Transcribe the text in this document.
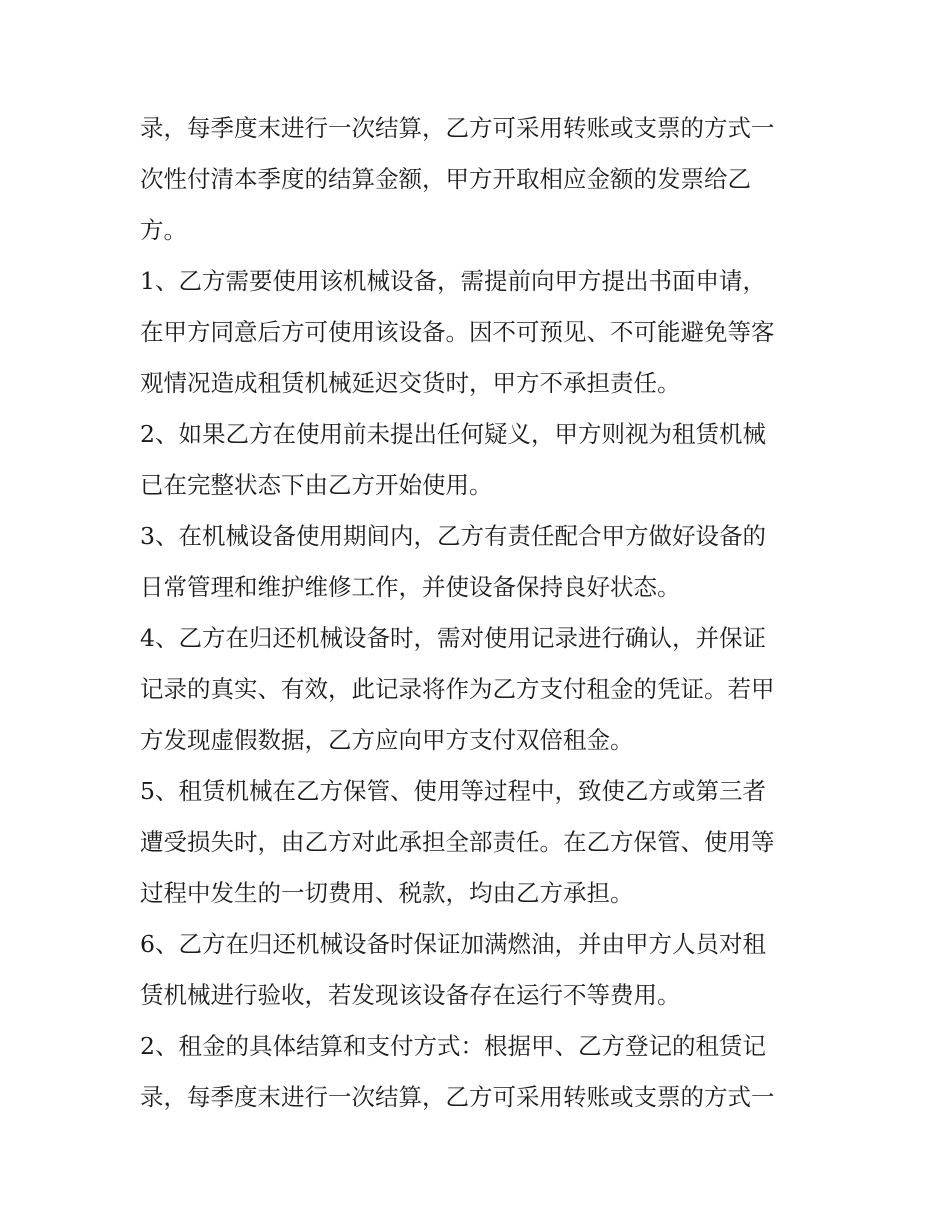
录，每季度末进行一次结算，乙方可采用转账或支票的方式一
次性付清本季度的结算金额，甲方开取相应金额的发票给乙
方。
1、乙方需要使用该机械设备，需提前向甲方提出书面申请，
在甲方同意后方可使用该设备。因不可预见、不可能避免等客
观情况造成租赁机械延迟交货时，甲方不承担责任。
2、如果乙方在使用前未提出任何疑义，甲方则视为租赁机械
已在完整状态下由乙方开始使用。
3、在机械设备使用期间内，乙方有责任配合甲方做好设备的
日常管理和维护维修工作，并使设备保持良好状态。
4、乙方在归还机械设备时，需对使用记录进行确认，并保证
记录的真实、有效，此记录将作为乙方支付租金的凭证。若甲
方发现虚假数据，乙方应向甲方支付双倍租金。
5、租赁机械在乙方保管、使用等过程中，致使乙方或第三者
遭受损失时，由乙方对此承担全部责任。在乙方保管、使用等
过程中发生的一切费用、税款，均由乙方承担。
6、乙方在归还机械设备时保证加满燃油，并由甲方人员对租
赁机械进行验收，若发现该设备存在运行不等费用。
2、租金的具体结算和支付方式：根据甲、乙方登记的租赁记
录，每季度末进行一次结算，乙方可采用转账或支票的方式一
